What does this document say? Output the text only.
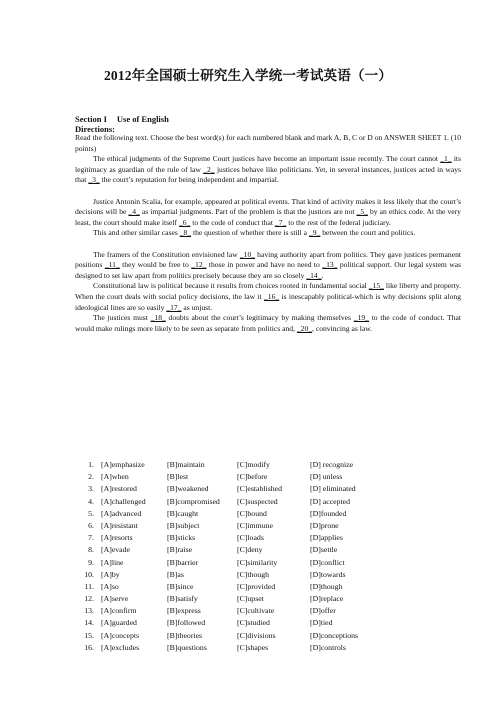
2012年全国硕士研究生入学统一考试英语（一）
Section I Use of English
Directions:

Read the following text. Choose the best word(s) for each numbered blank and mark A, B, C or D on ANSWER SHEET 1. (10 points)

The ethical judgments of the Supreme Court justices have become an important issue recently. The court cannot _1_ its legitimacy as guardian of the rule of law _2_ justices behave like politicians. Yet, in several instances, justices acted in ways that _3_ the court’s reputation for being independent and impartial.

Justice Antonin Scalia, for example, appeared at political events. That kind of activity makes it less likely that the court’s decisions will be _4_ as impartial judgments. Part of the problem is that the justices are not _5_ by an ethics code. At the very least, the court should make itself _6_ to the code of conduct that _7_ to the rest of the federal judiciary.

This and other similar cases _8_ the question of whether there is still a _9_ between the court and politics.

The framers of the Constitution envisioned law _10_ having authority apart from politics. They gave justices permanent positions _11_ they would be free to _12_ those in power and have no need to _13_ political support. Our legal system was designed to set law apart from politics precisely because they are so closely _14_.

Constitutional law is political because it results from choices rooted in fundamental social _15_ like liberty and property. When the court deals with social policy decisions, the law it _16_ is inescapably political-which is why decisions split along ideological lines are so easily _17_ as unjust.

The justices must _18_ doubts about the court’s legitimacy by making themselves _19_ to the code of conduct. That would make rulings more likely to be seen as separate from politics and, _20_, convincing as law.

1. [A]emphasize	[B]maintain	[C]modify	[D] recognize
2. [A]when	[B]lest	[C]before	[D] unless
3. [A]restored	[B]weakened	[C]established	[D] eliminated
4. [A]challenged	[B]compromised [C]suspected	[D] accepted
5. [A]advanced	[B]caught	[C]bound	[D]founded
6. [A]resistant	[B]subject	[C]immune	[D]prone
7. [A]resorts	[B]sticks	[C]loads	[D]applies
8. [A]evade	[B]raise	[C]deny	[D]settle
9. [A]line	[B]barrier	[C]similarity	[D]conflict
10. [A]by	[B]as	[C]though	[D]towards
11. [A]so	[B]since	[C]provided	[D]though
12. [A]serve	[B]satisfy	[C]upset	[D]replace
13. [A]confirm	[B]express	[C]cultivate	[D]offer
14. [A]guarded	[B]followed	[C]studied	[D]tied
15. [A]concepts	[B]theories	[C]divisions	[D]conceptions
16. [A]excludes	[B]questions	[C]shapes	[D]controls
